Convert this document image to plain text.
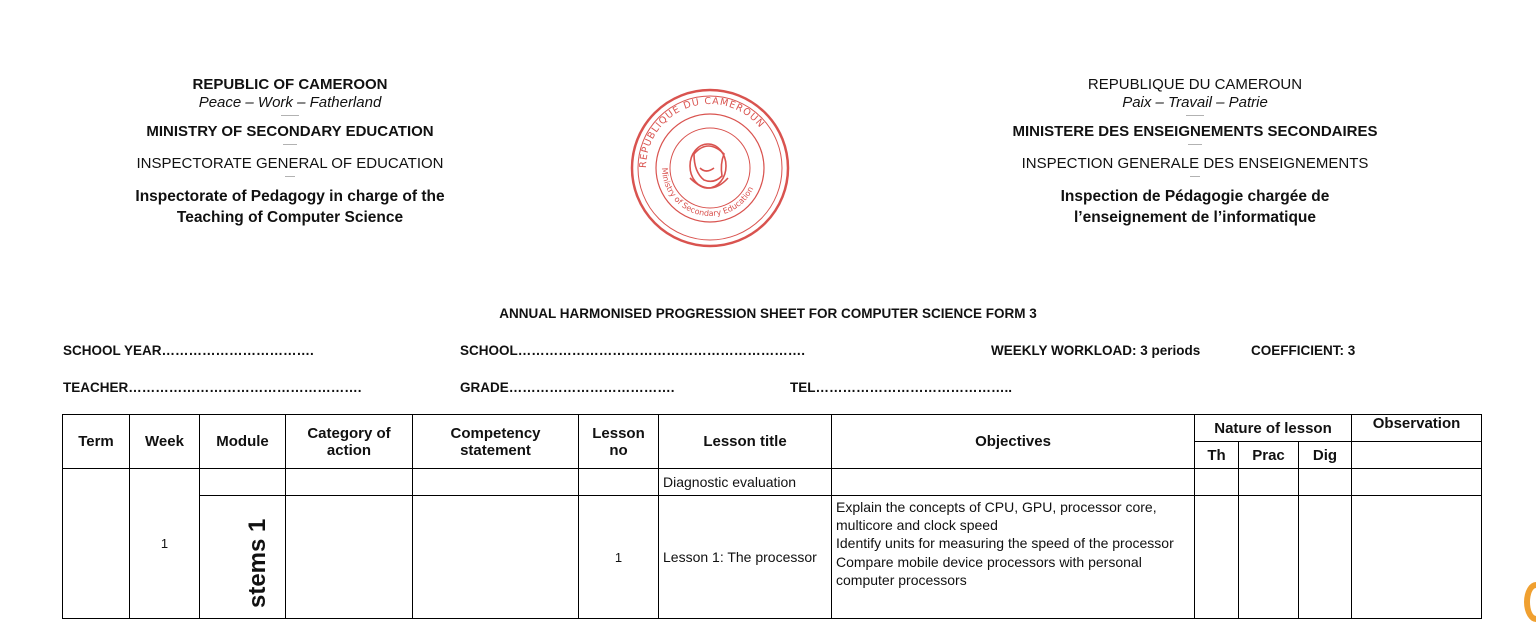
REPUBLIC OF CAMEROON
Peace – Work – Fatherland
---------
MINISTRY OF SECONDARY EDUCATION
-------
INSPECTORATE GENERAL OF EDUCATION
-----
Inspectorate of Pedagogy in charge of the
Teaching of Computer Science
REPUBLIQUE DU CAMEROUN
Ministry of Secondary Education
REPUBLIQUE DU CAMEROUN
Paix – Travail – Patrie
---------
MINISTERE DES ENSEIGNEMENTS SECONDAIRES
-------
INSPECTION GENERALE DES ENSEIGNEMENTS
-----
Inspection de Pédagogie chargée de
l’enseignement de l’informatique
ANNUAL HARMONISED PROGRESSION SHEET FOR COMPUTER SCIENCE FORM 3
SCHOOL YEAR…………………………….	SCHOOL……………………………………………………….	WEEKLY WORKLOAD: 3 periods	COEFFICIENT: 3
TEACHER…………………………………………….	GRADE……………………………….	TEL……………………………………..
Term	Week	Module	Category of action	Competency statement	Lesson no	Lesson title	Objectives	Nature of lesson			Observation
								Th	Prac	Dig	
	1					Diagnostic evaluation					

		stems 1			1	Lesson 1: The processor	Explain the concepts of CPU, GPU, processor core, multicore and clock speed
Identify units for measuring the speed of the processor
Compare mobile device processors with personal computer processors				
